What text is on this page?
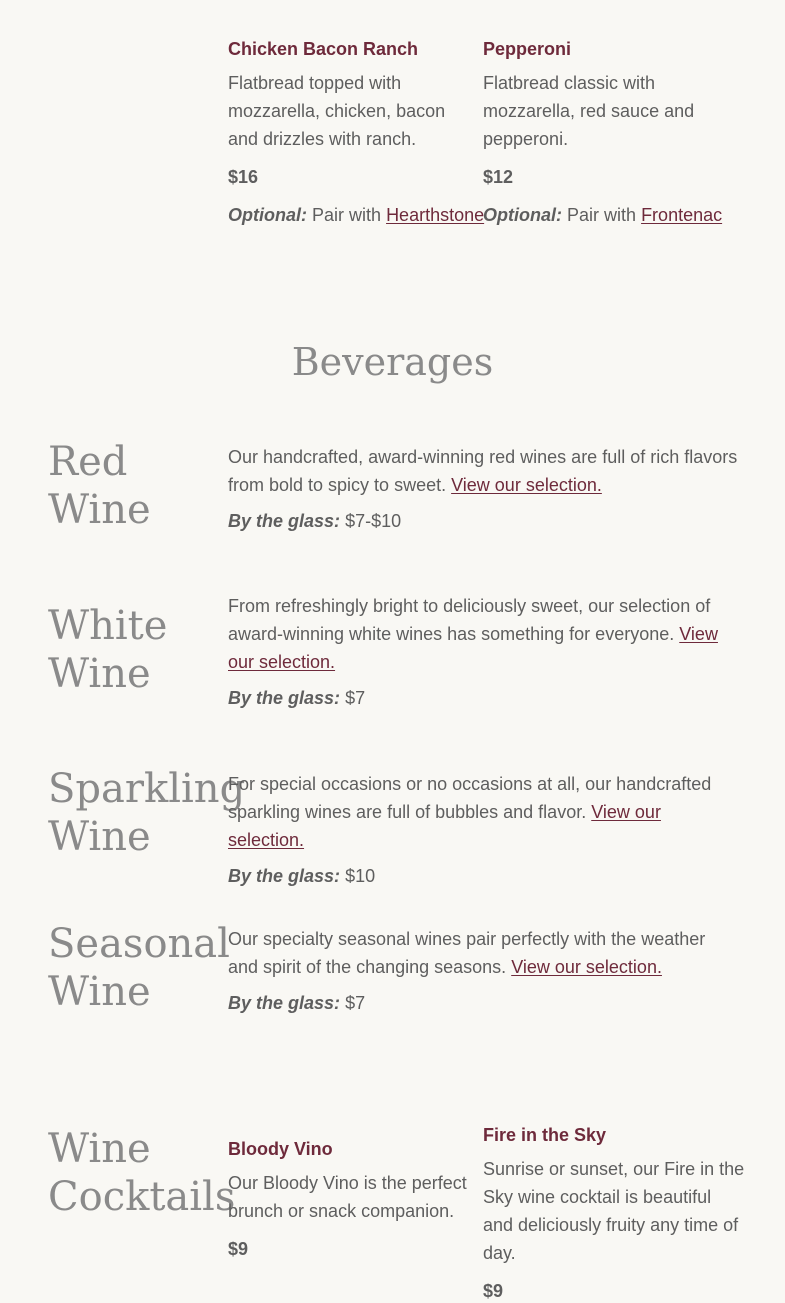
Chicken Bacon Ranch

Flatbread topped with mozzarella, chicken, bacon and drizzles with ranch.

$16
Optional: Pair with Hearthstone

Pepperoni

Flatbread classic with mozzarella, red sauce and pepperoni.

$12
Optional: Pair with Frontenac
Beverages
Red
Wine

Our handcrafted, award-winning red wines are full of rich flavors from bold to spicy to sweet. View our selection.

By the glass: $7-$10
White
Wine

From refreshingly bright to deliciously sweet, our selection of award-winning white wines has something for everyone. View our selection.

By the glass: $7
Sparkling
Wine

For special occasions or no occasions at all, our handcrafted sparkling wines are full of bubbles and flavor. View our selection.

By the glass: $10
Seasonal
Wine

Our specialty seasonal wines pair perfectly with the weather and spirit of the changing seasons. View our selection.

By the glass: $7
Wine
Cocktails

Bloody Vino

Our Bloody Vino is the perfect brunch or snack companion.

$9

Fire in the Sky

Sunrise or sunset, our Fire in the Sky wine cocktail is beautiful and deliciously fruity any time of day.

$9
